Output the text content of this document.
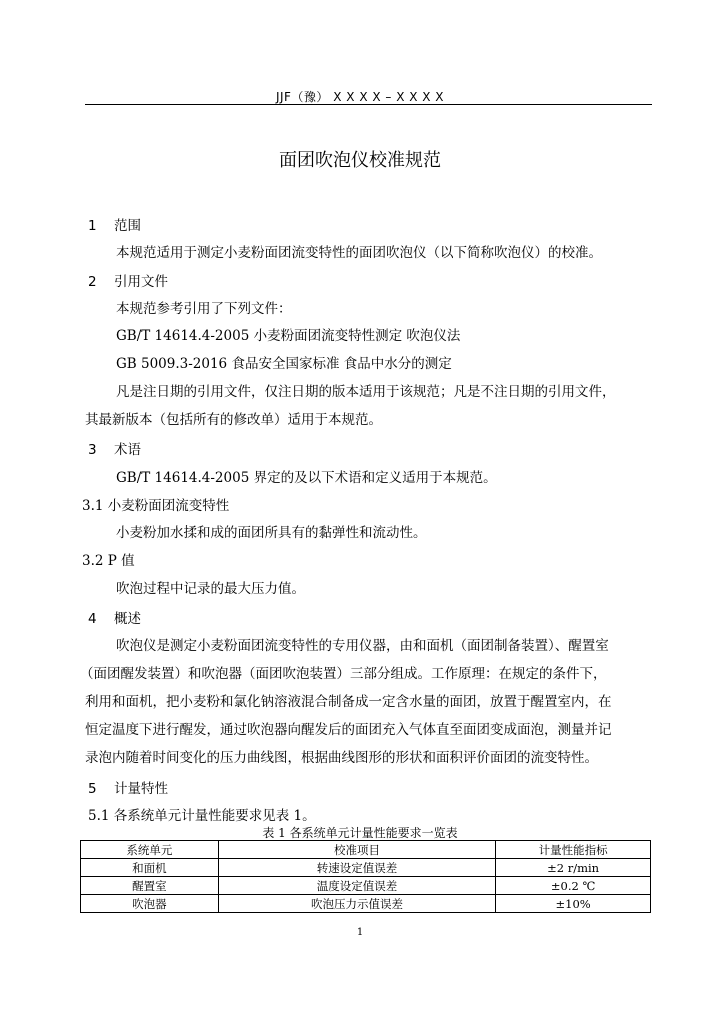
JJF（豫） X X X X – X X X X
面团吹泡仪校准规范
1 范围
本规范适用于测定小麦粉面团流变特性的面团吹泡仪（以下简称吹泡仪）的校准。
2 引用文件
本规范参考引用了下列文件：
GB/T 14614.4-2005 小麦粉面团流变特性测定 吹泡仪法
GB 5009.3-2016 食品安全国家标准 食品中水分的测定
凡是注日期的引用文件，仅注日期的版本适用于该规范；凡是不注日期的引用文件，
其最新版本（包括所有的修改单）适用于本规范。
3 术语
GB/T 14614.4-2005 界定的及以下术语和定义适用于本规范。
3.1 小麦粉面团流变特性
小麦粉加水揉和成的面团所具有的黏弹性和流动性。
3.2 P 值
吹泡过程中记录的最大压力值。
4 概述
吹泡仪是测定小麦粉面团流变特性的专用仪器，由和面机（面团制备装置）、醒置室
（面团醒发装置）和吹泡器（面团吹泡装置）三部分组成。工作原理：在规定的条件下，
利用和面机，把小麦粉和氯化钠溶液混合制备成一定含水量的面团，放置于醒置室内，在
恒定温度下进行醒发，通过吹泡器向醒发后的面团充入气体直至面团变成面泡，测量并记
录泡内随着时间变化的压力曲线图，根据曲线图形的形状和面积评价面团的流变特性。
5 计量特性
5.1 各系统单元计量性能要求见表 1。
表 1 各系统单元计量性能要求一览表
系统单元	校准项目	计量性能指标
和面机	转速设定值误差	±2 r/min
醒置室	温度设定值误差	±0.2 ℃
吹泡器	吹泡压力示值误差	±10%
1
